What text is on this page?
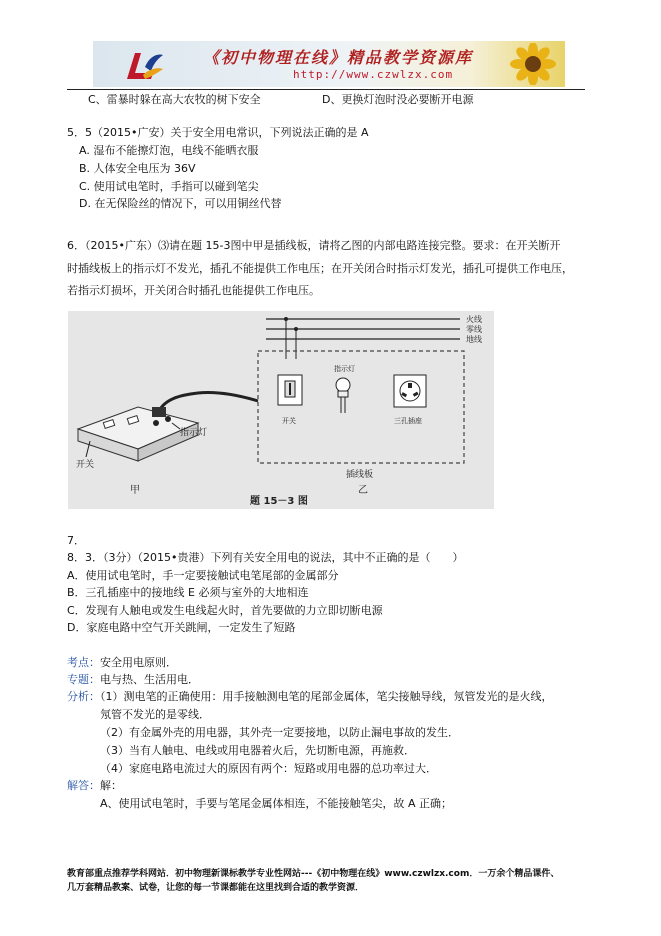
《初中物理在线》精品教学资源库
http://www.czwlzx.com
C、雷暴时躲在高大农牧的树下安全	D、更换灯泡时没必要断开电源
5．5（2015•广安）关于安全用电常识，下列说法正确的是 A
A. 湿布不能擦灯泡，电线不能晒衣服
B. 人体安全电压为 36V
C. 使用试电笔时，手指可以碰到笔尖
D. 在无保险丝的情况下，可以用铜丝代替
6．（2015•广东）⑶请在题 15-3图中甲是插线板，请将乙图的内部电路连接完整。要求：在开关断开
时插线板上的指示灯不发光，插孔不能提供工作电压；在开关闭合时指示灯发光，插孔可提供工作电压，
若指示灯损坏，开关闭合时插孔也能提供工作电压。
火线
零线
地线
开关
指示灯
三孔插座
插线板
乙
指示灯
开关
甲
题 15－3 图
7．
8．3．（3分）（2015•贵港）下列有关安全用电的说法，其中不正确的是（　　）
A．使用试电笔时，手一定要接触试电笔尾部的金属部分
B．三孔插座中的接地线 E 必须与室外的大地相连
C．发现有人触电或发生电线起火时，首先要做的力立即切断电源
D．家庭电路中空气开关跳闸，一定发生了短路
考点：安全用电原则．
专题：电与热、生活用电．
分析：（1）测电笔的正确使用：用手接触测电笔的尾部金属体，笔尖接触导线，氖管发光的是火线，
氖管不发光的是零线．
（2）有金属外壳的用电器，其外壳一定要接地，以防止漏电事故的发生．
（3）当有人触电、电线或用电器着火后，先切断电源，再施救．
（4）家庭电路电流过大的原因有两个：短路或用电器的总功率过大．
解答：解：
A、使用试电笔时，手要与笔尾金属体相连，不能接触笔尖，故 A 正确；
教育部重点推荐学科网站．初中物理新课标教学专业性网站---《初中物理在线》www.czwlzx.com．一万余个精品课件、
几万套精品教案、试卷，让您的每一节课都能在这里找到合适的教学资源．
